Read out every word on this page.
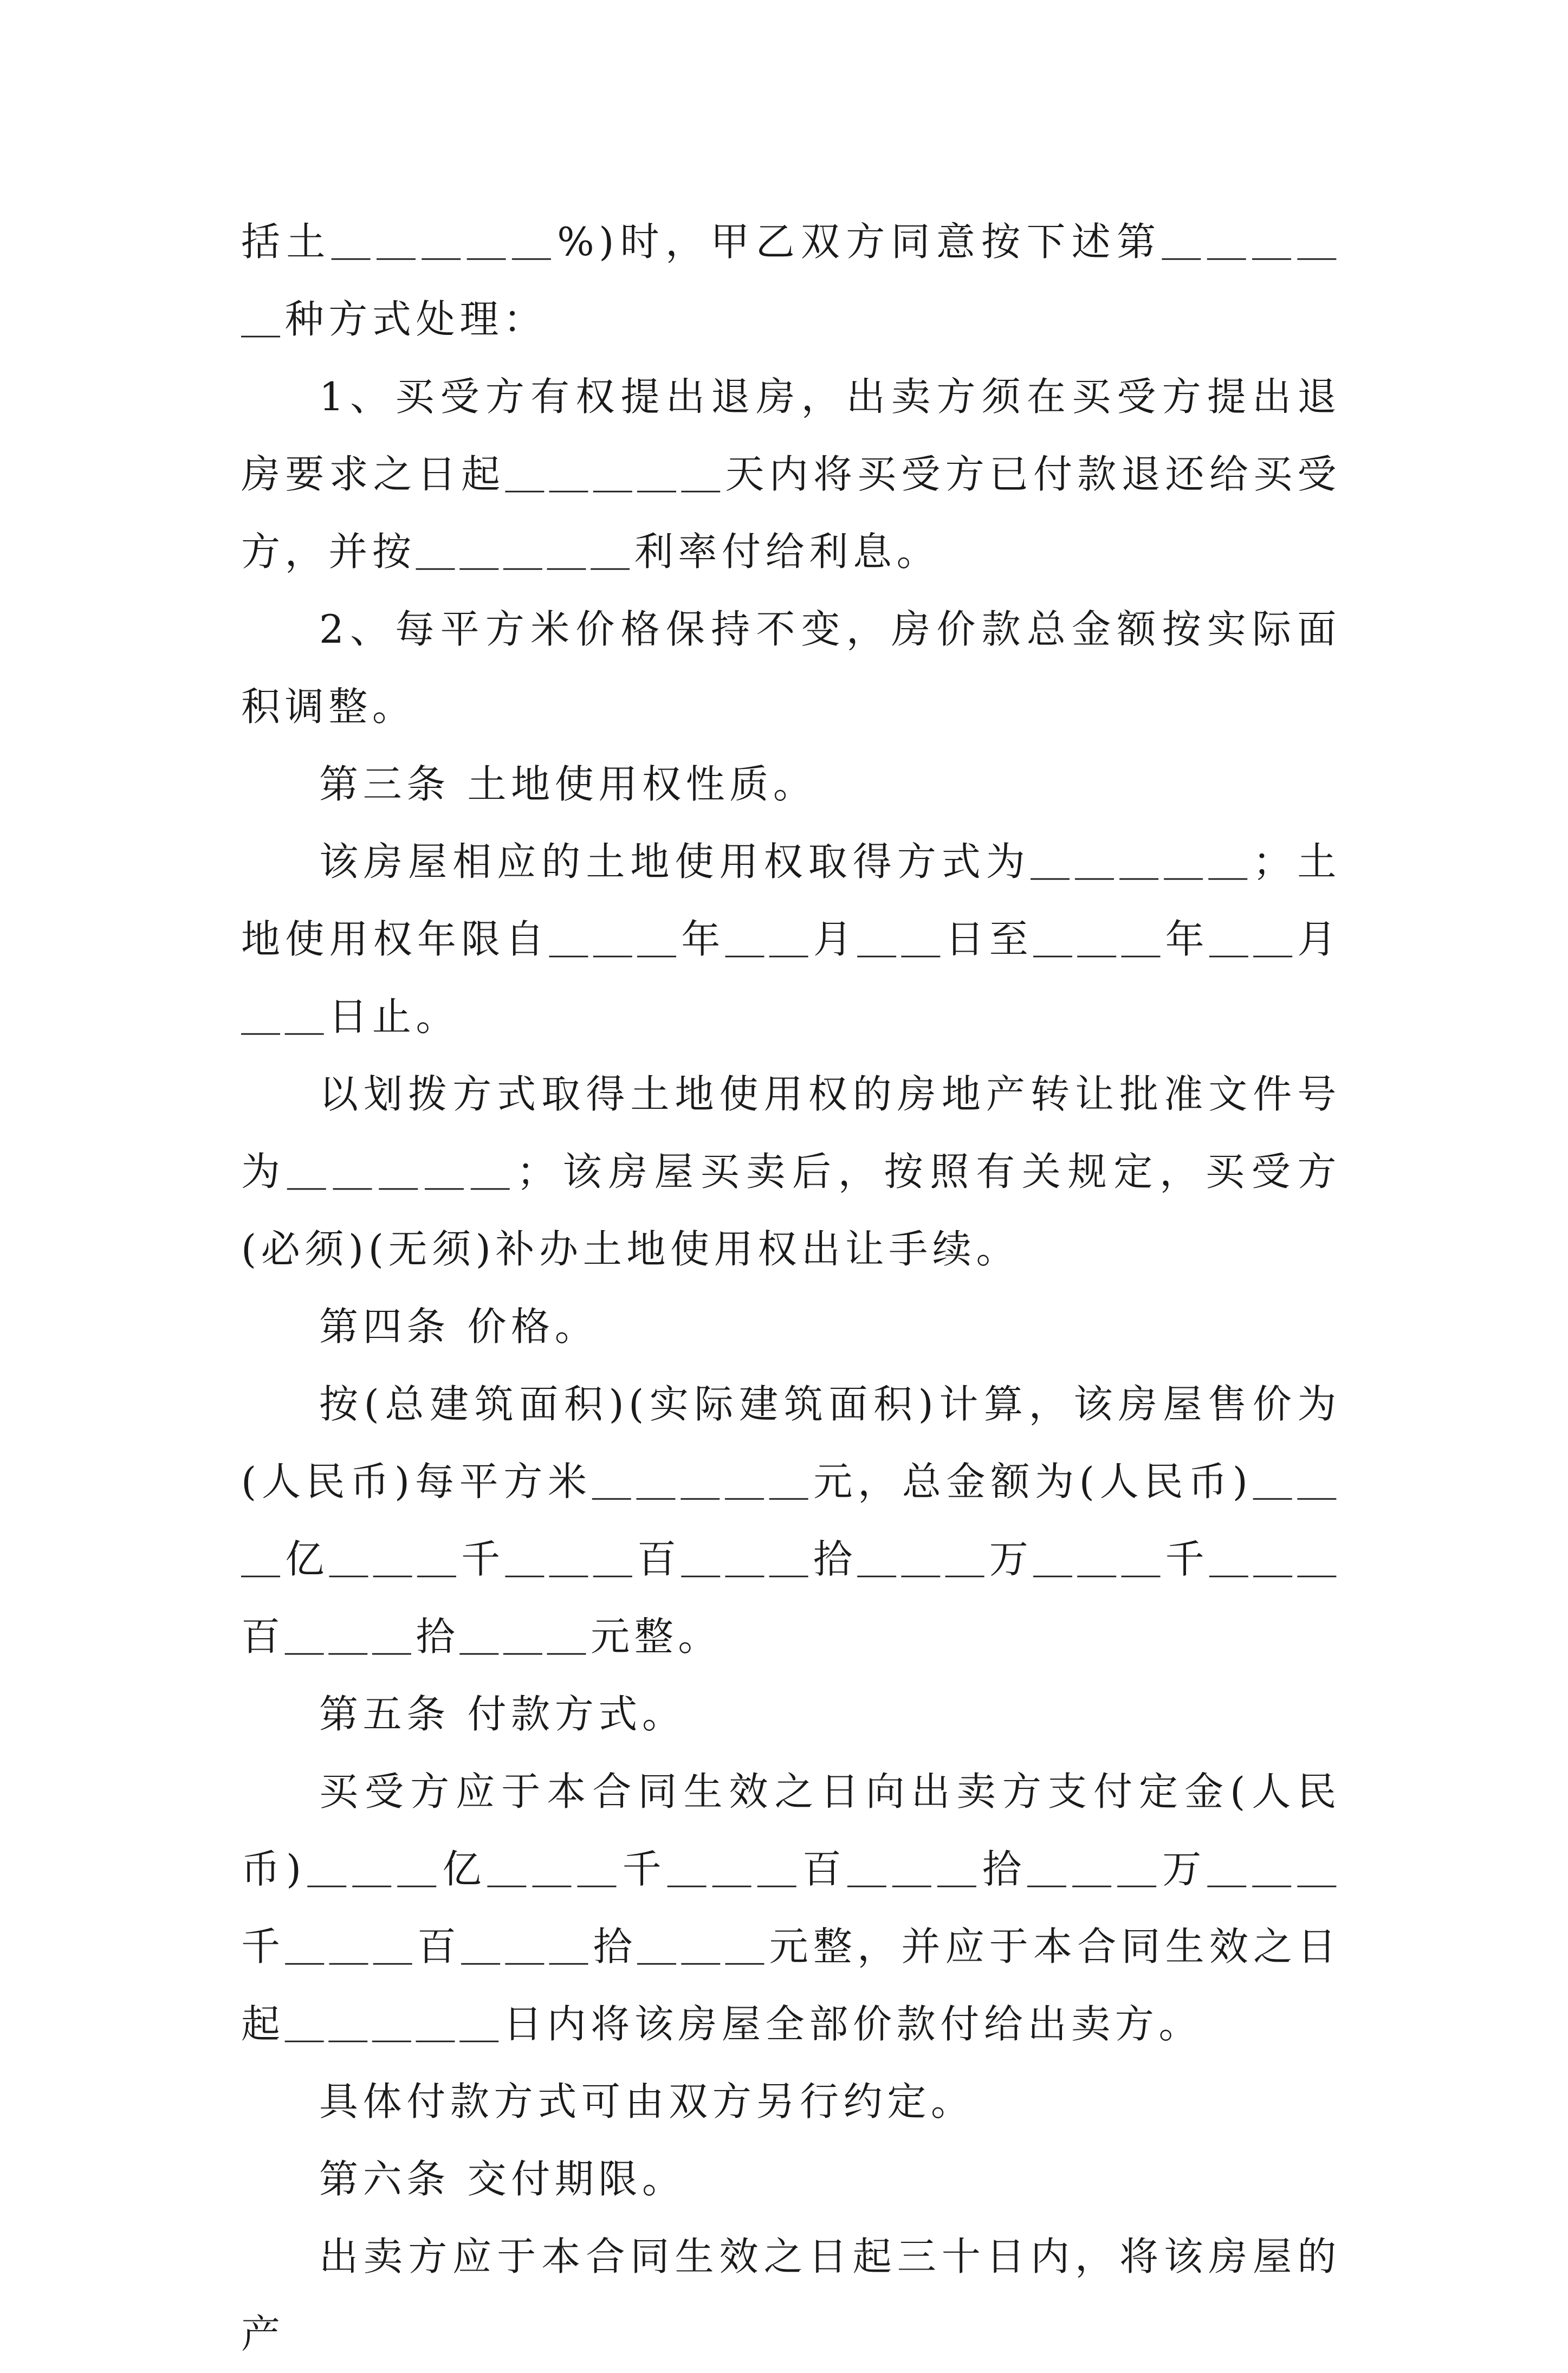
括土＿＿＿＿＿%)时，甲乙双方同意按下述第＿＿＿＿＿种方式处理：

1、买受方有权提出退房，出卖方须在买受方提出退房要求之日起＿＿＿＿＿天内将买受方已付款退还给买受方，并按＿＿＿＿＿利率付给利息。

2、每平方米价格保持不变，房价款总金额按实际面积调整。

第三条 土地使用权性质。

该房屋相应的土地使用权取得方式为＿＿＿＿＿；土地使用权年限自＿＿＿年＿＿月＿＿日至＿＿＿年＿＿月＿＿日止。

以划拨方式取得土地使用权的房地产转让批准文件号为＿＿＿＿＿；该房屋买卖后，按照有关规定，买受方(必须)(无须)补办土地使用权出让手续。

第四条 价格。

按(总建筑面积)(实际建筑面积)计算，该房屋售价为(人民币)每平方米＿＿＿＿＿元，总金额为(人民币)＿＿＿亿＿＿＿千＿＿＿百＿＿＿拾＿＿＿万＿＿＿千＿＿＿百＿＿＿拾＿＿＿元整。

第五条 付款方式。

买受方应于本合同生效之日向出卖方支付定金(人民币)＿＿＿亿＿＿＿千＿＿＿百＿＿＿拾＿＿＿万＿＿＿千＿＿＿百＿＿＿拾＿＿＿元整，并应于本合同生效之日起＿＿＿＿＿日内将该房屋全部价款付给出卖方。

具体付款方式可由双方另行约定。

第六条 交付期限。

出卖方应于本合同生效之日起三十日内，将该房屋的产
